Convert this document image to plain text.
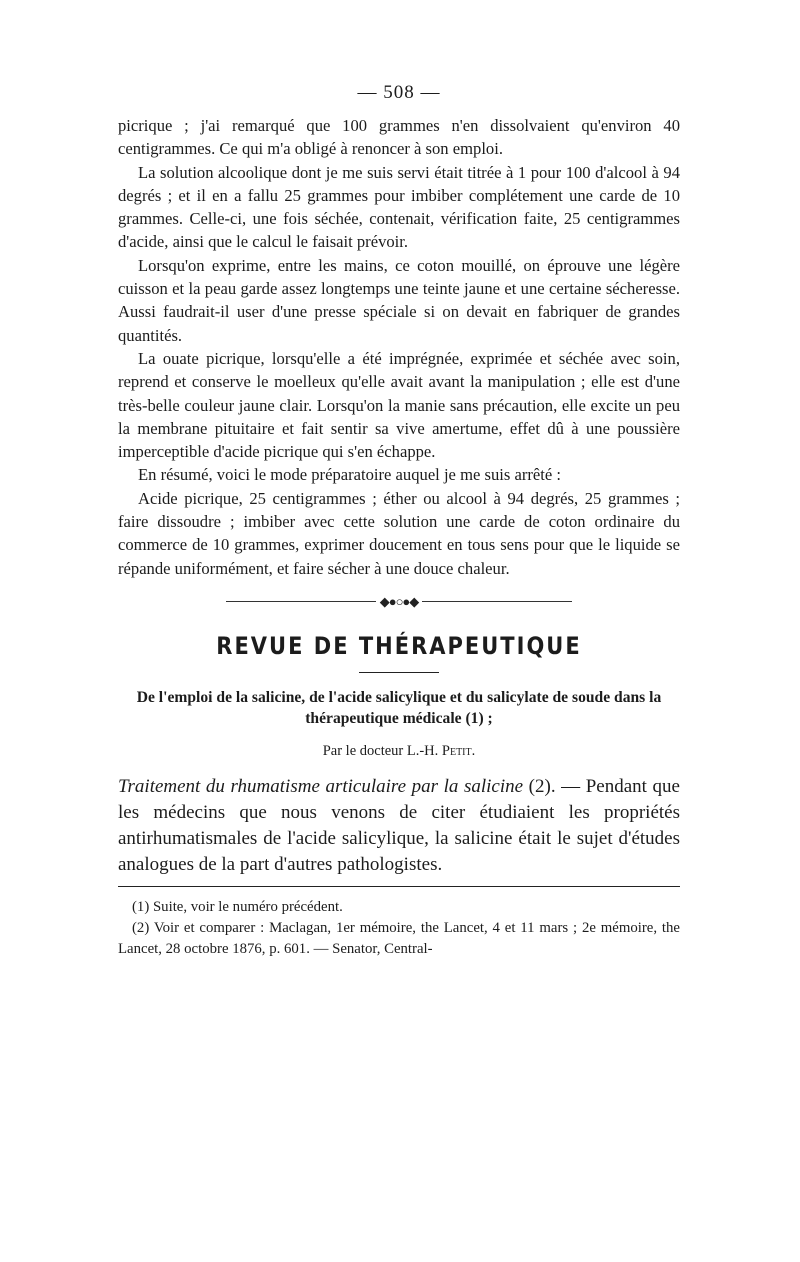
— 508 —

picrique ; j'ai remarqué que 100 grammes n'en dissolvaient qu'environ 40 centigrammes. Ce qui m'a obligé à renoncer à son emploi.

La solution alcoolique dont je me suis servi était titrée à 1 pour 100 d'alcool à 94 degrés ; et il en a fallu 25 grammes pour imbiber complétement une carde de 10 grammes. Celle-ci, une fois séchée, contenait, vérification faite, 25 centigrammes d'acide, ainsi que le calcul le faisait prévoir.

Lorsqu'on exprime, entre les mains, ce coton mouillé, on éprouve une légère cuisson et la peau garde assez longtemps une teinte jaune et une certaine sécheresse. Aussi faudrait-il user d'une presse spéciale si on devait en fabriquer de grandes quantités.

La ouate picrique, lorsqu'elle a été imprégnée, exprimée et séchée avec soin, reprend et conserve le moelleux qu'elle avait avant la manipulation ; elle est d'une très-belle couleur jaune clair. Lorsqu'on la manie sans précaution, elle excite un peu la membrane pituitaire et fait sentir sa vive amertume, effet dû à une poussière imperceptible d'acide picrique qui s'en échappe.

En résumé, voici le mode préparatoire auquel je me suis arrêté :

Acide picrique, 25 centigrammes ; éther ou alcool à 94 degrés, 25 grammes ; faire dissoudre ; imbiber avec cette solution une carde de coton ordinaire du commerce de 10 grammes, exprimer doucement en tous sens pour que le liquide se répande uniformément, et faire sécher à une douce chaleur.

◆●○●◆
REVUE DE THÉRAPEUTIQUE
De l'emploi de la salicine, de l'acide salicylique et du salicylate de soude dans la thérapeutique médicale (1) ;
Par le docteur L.-H. Petit.

Traitement du rhumatisme articulaire par la salicine (2). — Pendant que les médecins que nous venons de citer étudiaient les propriétés antirhumatismales de l'acide salicylique, la salicine était le sujet d'études analogues de la part d'autres pathologistes.

(1) Suite, voir le numéro précédent.

(2) Voir et comparer : Maclagan, 1er mémoire, the Lancet, 4 et 11 mars ; 2e mémoire, the Lancet, 28 octobre 1876, p. 601. — Senator, Central-
